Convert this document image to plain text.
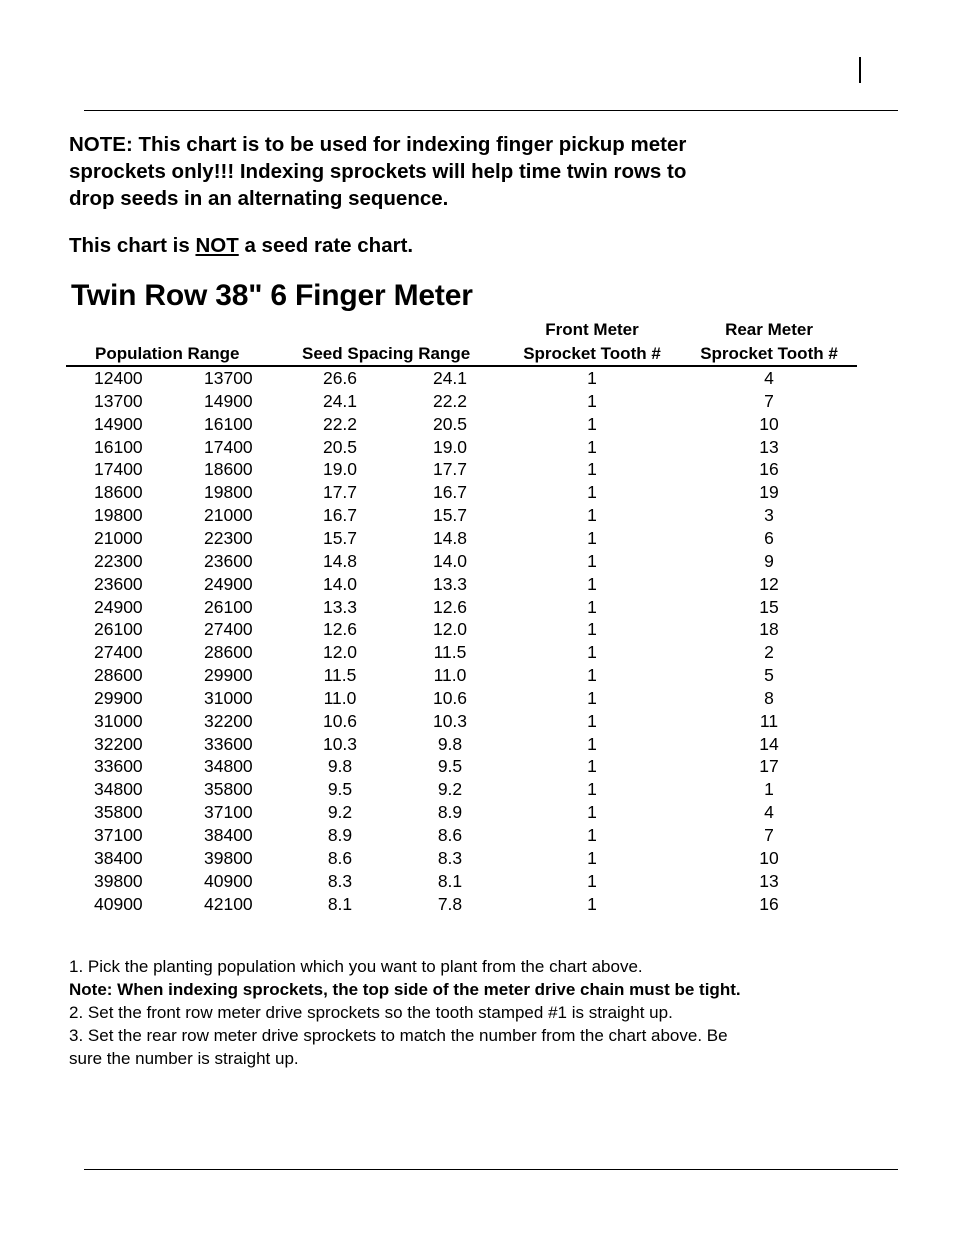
NOTE: This chart is to be used for indexing finger pickup meter
sprockets only!!! Indexing sprockets will help time twin rows to
drop seeds in an alternating sequence.
This chart is NOT a seed rate chart.
Twin Row 38" 6 Finger Meter
Population Range	Seed Spacing Range
Front Meter
Sprocket Tooth #
Rear Meter
Sprocket Tooth #
12400	13700	26.6	24.1	1	4
13700	14900	24.1	22.2	1	7
14900	16100	22.2	20.5	1	10
16100	17400	20.5	19.0	1	13
17400	18600	19.0	17.7	1	16
18600	19800	17.7	16.7	1	19
19800	21000	16.7	15.7	1	3
21000	22300	15.7	14.8	1	6
22300	23600	14.8	14.0	1	9
23600	24900	14.0	13.3	1	12
24900	26100	13.3	12.6	1	15
26100	27400	12.6	12.0	1	18
27400	28600	12.0	11.5	1	2
28600	29900	11.5	11.0	1	5
29900	31000	11.0	10.6	1	8
31000	32200	10.6	10.3	1	11
32200	33600	10.3	9.8	1	14
33600	34800	9.8	9.5	1	17
34800	35800	9.5	9.2	1	1
35800	37100	9.2	8.9	1	4
37100	38400	8.9	8.6	1	7
38400	39800	8.6	8.3	1	10
39800	40900	8.3	8.1	1	13
40900	42100	8.1	7.8	1	16

1. Pick the planting population which you want to plant from the chart above.

Note: When indexing sprockets, the top side of the meter drive chain must be tight.

2. Set the front row meter drive sprockets so the tooth stamped #1 is straight up.

3. Set the rear row meter drive sprockets to match the number from the chart above. Be

sure the number is straight up.
